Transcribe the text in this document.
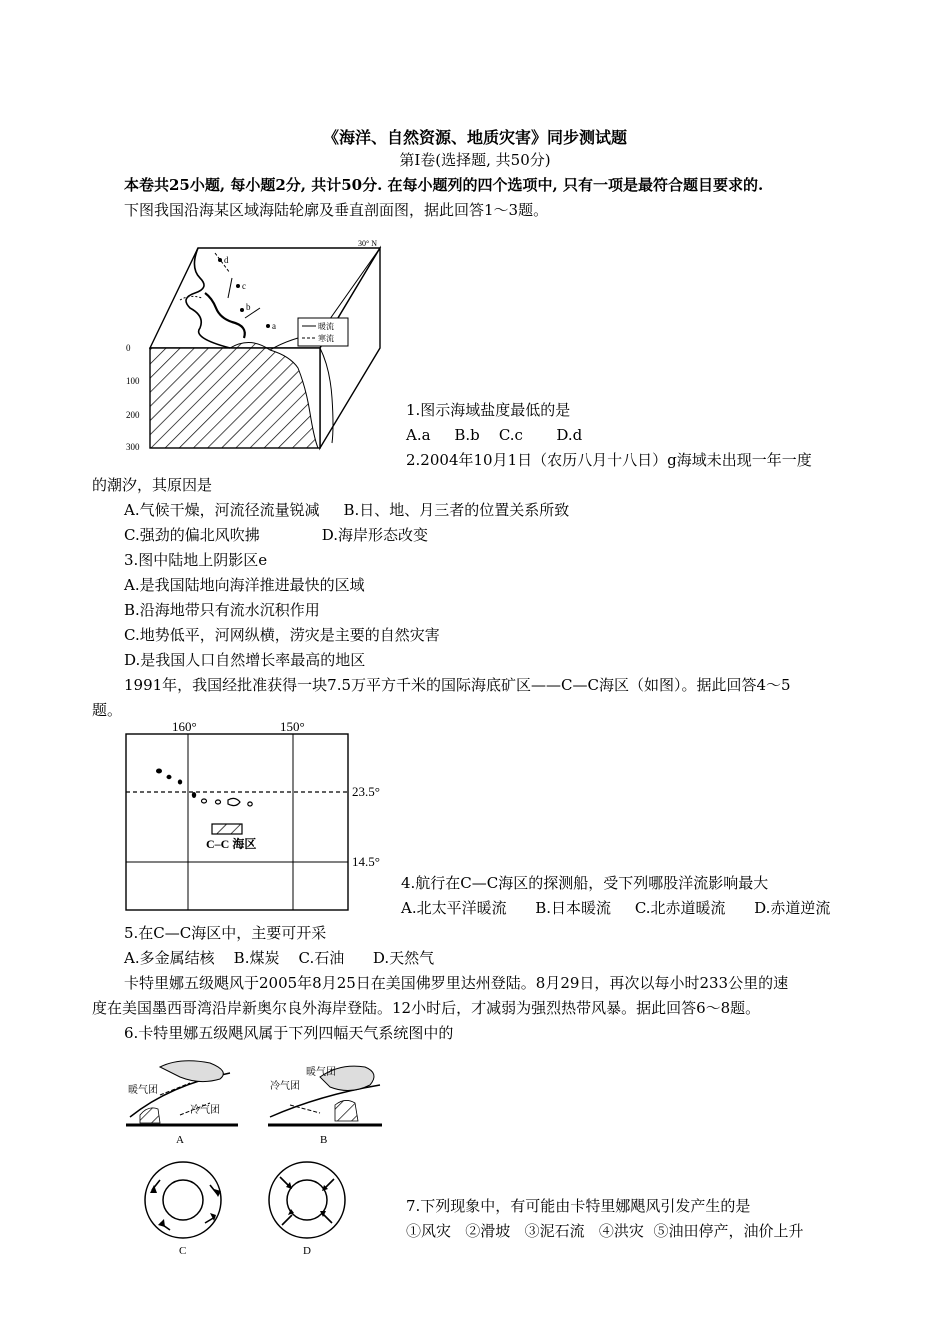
《海洋、自然资源、地质灾害》同步测试题
第Ⅰ卷(选择题, 共50分)
本卷共25小题, 每小题2分, 共计50分. 在每小题列的四个选项中, 只有一项是最符合题目要求的.
下图我国沿海某区域海陆轮廓及垂直剖面图，据此回答1～3题。
d
c
b
a
30° N
暖流
寒流
0
100
200
300
1.图示海域盐度最低的是
A.a     B.b    C.c       D.d
2.2004年10月1日（农历八月十八日）g海域未出现一年一度
的潮汐，其原因是
A.气候干燥，河流径流量锐减     B.日、地、月三者的位置关系所致
C.强劲的偏北风吹拂             D.海岸形态改变
3.图中陆地上阴影区e
A.是我国陆地向海洋推进最快的区域
B.沿海地带只有流水沉积作用
C.地势低平，河网纵横，涝灾是主要的自然灾害
D.是我国人口自然增长率最高的地区
1991年，我国经批准获得一块7.5万平方千米的国际海底矿区——C—C海区（如图）。据此回答4～5
题。
160°	150°
23.5°
14.5°
C–C 海区
4.航行在C—C海区的探测船，受下列哪股洋流影响最大
A.北太平洋暖流      B.日本暖流     C.北赤道暖流      D.赤道逆流
5.在C—C海区中，主要可开采
A.多金属结核    B.煤炭    C.石油      D.天然气
卡特里娜五级飓风于2005年8月25日在美国佛罗里达州登陆。8月29日，再次以每小时233公里的速
度在美国墨西哥湾沿岸新奥尔良外海岸登陆。12小时后，才减弱为强烈热带风暴。据此回答6～8题。
6.卡特里娜五级飓风属于下列四幅天气系统图中的
暖气团
冷气团
A
冷气团
暖气团
B
C	D
7.下列现象中，有可能由卡特里娜飓风引发产生的是
①风灾   ②滑坡   ③泥石流   ④洪灾  ⑤油田停产，油价上升
